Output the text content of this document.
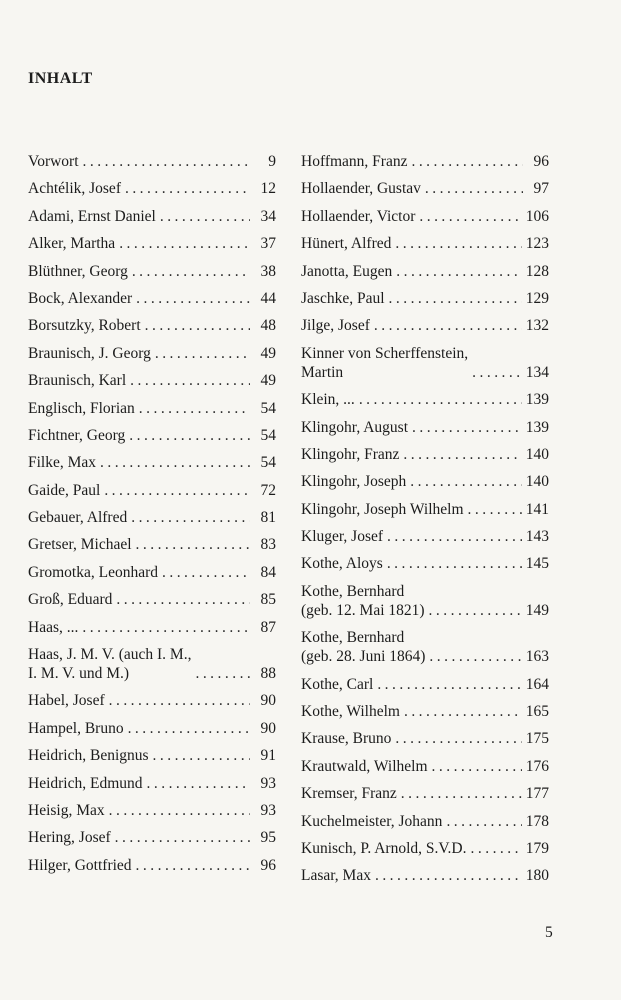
INHALT
Vorwort . . .	9
Achtélik, Josef . . .	12
Adami, Ernst Daniel . . .	34
Alker, Martha . . .	37
Blüthner, Georg . . .	38
Bock, Alexander . . .	44
Borsutzky, Robert . . .	48
Braunisch, J. Georg . . .	49
Braunisch, Karl . . .	49
Englisch, Florian . . .	54
Fichtner, Georg . . .	54
Filke, Max . . .	54
Gaide, Paul . . .	72
Gebauer, Alfred . . .	81
Gretser, Michael . . .	83
Gromotka, Leonhard . . .	84
Groß, Eduard . . .	85
Haas, ... . . .	87
Haas, J. M. V. (auch I. M.,
I. M. V. und M.) . . .	88
Habel, Josef . . .	90
Hampel, Bruno . . .	90
Heidrich, Benignus . . .	91
Heidrich, Edmund . . .	93
Heisig, Max . . .	93
Hering, Josef . . .	95
Hilger, Gottfried . . .	96
Hoffmann, Franz . . .	96
Hollaender, Gustav . . .	97
Hollaender, Victor . . .	106
Hünert, Alfred . . .	123
Janotta, Eugen . . .	128
Jaschke, Paul . . .	129
Jilge, Josef . . .	132
Kinner von Scherffenstein,
Martin . . .	134
Klein, ... . . .	139
Klingohr, August . . .	139
Klingohr, Franz . . .	140
Klingohr, Joseph . . .	140
Klingohr, Joseph Wilhelm . . .	141
Kluger, Josef . . .	143
Kothe, Aloys . . .	145
Kothe, Bernhard
(geb. 12. Mai 1821) . . .	149
Kothe, Bernhard
(geb. 28. Juni 1864) . . .	163
Kothe, Carl . . .	164
Kothe, Wilhelm . . .	165
Krause, Bruno . . .	175
Krautwald, Wilhelm . . .	176
Kremser, Franz . . .	177
Kuchelmeister, Johann . . .	178
Kunisch, P. Arnold, S.V.D. . . .	179
Lasar, Max . . .	180
5
